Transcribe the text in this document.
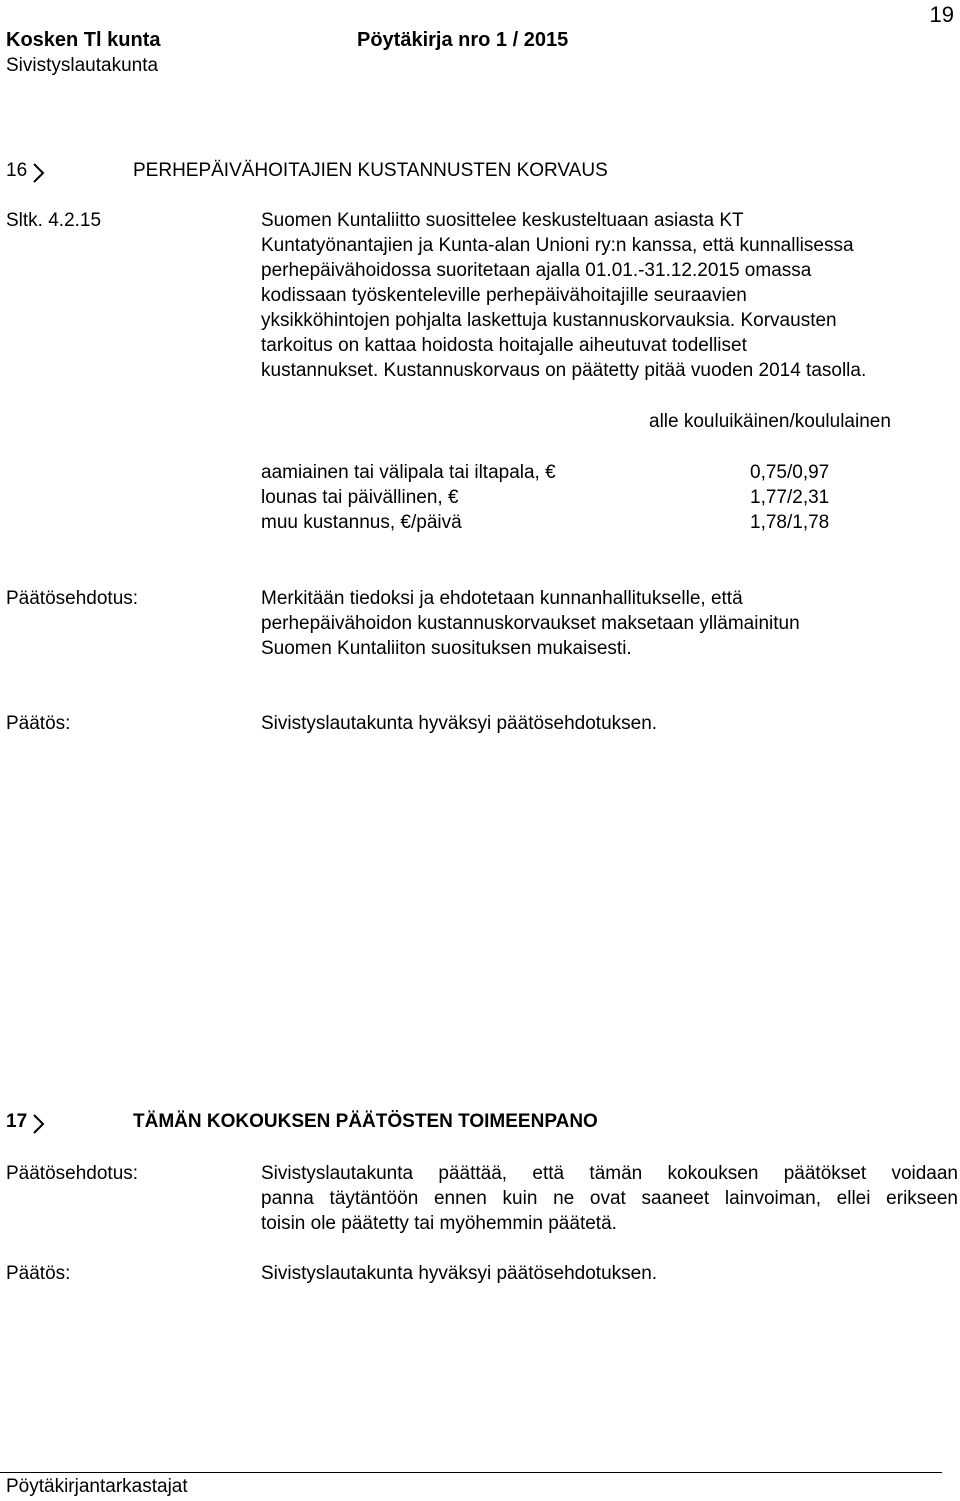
19
Kosken Tl kunta	Pöytäkirja nro 1 / 2015
Sivistyslautakunta
16	PERHEPÄIVÄHOITAJIEN KUSTANNUSTEN KORVAUS
Sltk. 4.2.15	Suomen Kuntaliitto suosittelee keskusteltuaan asiasta KT
Kuntatyönantajien ja Kunta-alan Unioni ry:n kanssa, että kunnallisessa
perhepäivähoidossa suoritetaan ajalla 01.01.-31.12.2015 omassa
kodissaan työskenteleville perhepäivähoitajille seuraavien
yksikköhintojen pohjalta laskettuja kustannuskorvauksia. Korvausten
tarkoitus on kattaa hoidosta hoitajalle aiheutuvat todelliset
kustannukset. Kustannuskorvaus on päätetty pitää vuoden 2014 tasolla.
alle kouluikäinen/koululainen
aamiainen tai välipala tai iltapala, €	0,75/0,97
lounas tai päivällinen, €	1,77/2,31
muu kustannus, €/päivä	1,78/1,78
Päätösehdotus:	Merkitään tiedoksi ja ehdotetaan kunnanhallitukselle, että
perhepäivähoidon kustannuskorvaukset maksetaan yllämainitun
Suomen Kuntaliiton suosituksen mukaisesti.
Päätös:	Sivistyslautakunta hyväksyi päätösehdotuksen.
17	TÄMÄN KOKOUKSEN PÄÄTÖSTEN TOIMEENPANO
Päätösehdotus:	Sivistyslautakunta päättää, että tämän kokouksen päätökset voidaan
panna täytäntöön ennen kuin ne ovat saaneet lainvoiman, ellei erikseen
toisin ole päätetty tai myöhemmin päätetä.
Päätös:	Sivistyslautakunta hyväksyi päätösehdotuksen.
Pöytäkirjantarkastajat
